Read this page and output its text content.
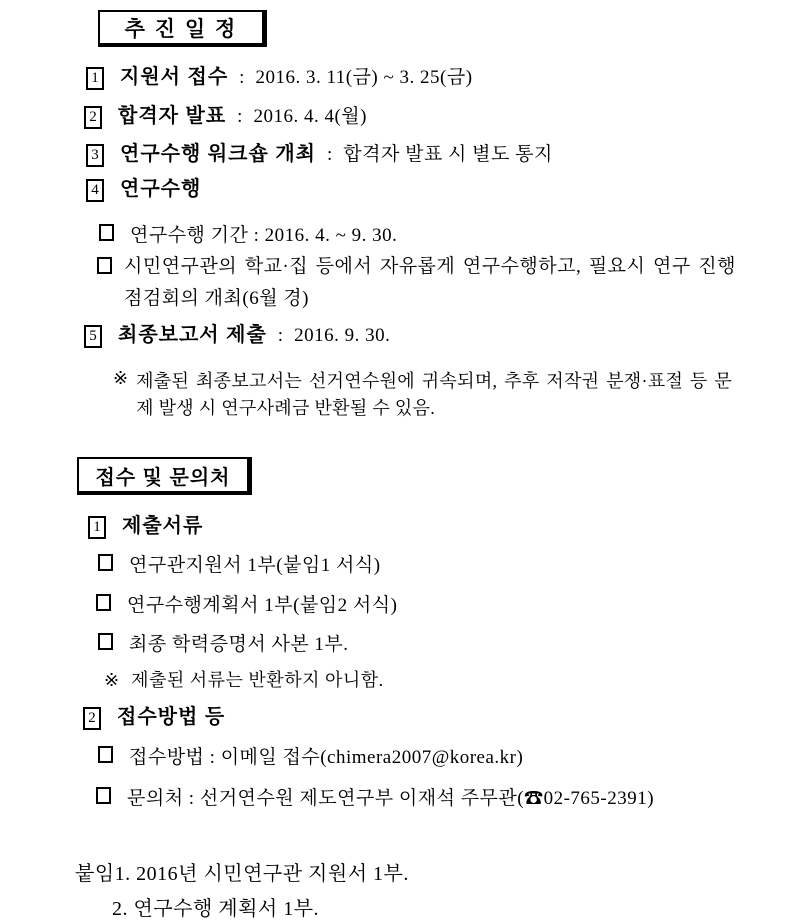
추 진 일 정
1 지원서 접수 : 2016. 3. 11(금) ~ 3. 25(금)
2 합격자 발표 : 2016. 4. 4(월)
3 연구수행 워크숍 개최 : 합격자 발표 시 별도 통지
4 연구수행
연구수행 기간 : 2016. 4. ~ 9. 30.
시민연구관의 학교·집 등에서 자유롭게 연구수행하고, 필요시 연구 진행 점검회의 개최(6월 경)
5 최종보고서 제출 : 2016. 9. 30.
※ 제출된 최종보고서는 선거연수원에 귀속되며, 추후 저작권 분쟁·표절 등 문제 발생 시 연구사례금 반환될 수 있음.
접수 및 문의처
1 제출서류
연구관지원서 1부(붙임1 서식)
연구수행계획서 1부(붙임2 서식)
최종 학력증명서 사본 1부.
※ 제출된 서류는 반환하지 아니함.
2 접수방법 등
접수방법 : 이메일 접수(chimera2007@korea.kr)
문의처 : 선거연수원 제도연구부 이재석 주무관(☎02-765-2391)
붙임1. 2016년 시민연구관 지원서 1부.
2. 연구수행 계획서 1부.
